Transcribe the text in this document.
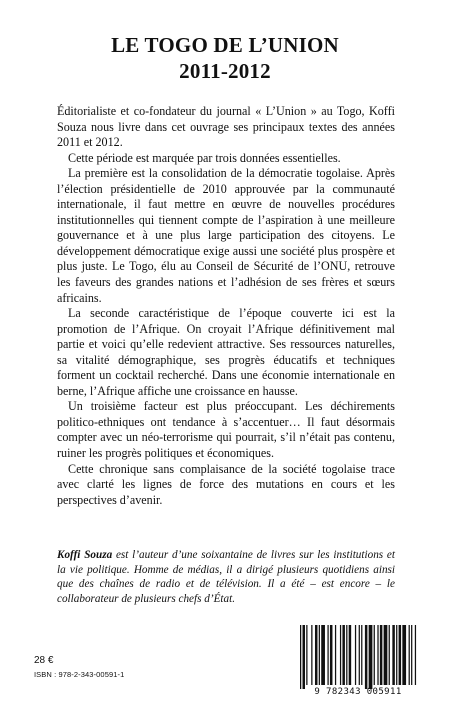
LE TOGO DE L’UNION
2011-2012

Éditorialiste et co-fondateur du journal « L’Union » au Togo, Koffi Souza nous livre dans cet ouvrage ses principaux textes des années 2011 et 2012.

Cette période est marquée par trois données essentielles.

La première est la consolidation de la démocratie togolaise. Après l’élection présidentielle de 2010 approuvée par la communauté internationale, il faut mettre en œuvre de nouvelles procédures institutionnelles qui tiennent compte de l’aspiration à une meilleure gouvernance et à une plus large participation des citoyens. Le développement démocratique exige aussi une société plus prospère et plus juste. Le Togo, élu au Conseil de Sécurité de l’ONU, retrouve les faveurs des grandes nations et l’adhésion de ses frères et sœurs africains.

La seconde caractéristique de l’époque couverte ici est la promotion de l’Afrique. On croyait l’Afrique définitivement mal partie et voici qu’elle redevient attractive. Ses ressources naturelles, sa vitalité démographique, ses progrès éducatifs et techniques forment un cocktail recherché. Dans une économie internationale en berne, l’Afrique affiche une croissance en hausse.

Un troisième facteur est plus préoccupant. Les déchirements politico-ethniques ont tendance à s’accentuer… Il faut désormais compter avec un néo-terrorisme qui pourrait, s’il n’était pas contenu, ruiner les progrès politiques et économiques.

Cette chronique sans complaisance de la société togolaise trace avec clarté les lignes de force des mutations en cours et les perspectives d’avenir.

Koffi Souza est l’auteur d’une soixantaine de livres sur les institutions et la vie politique. Homme de médias, il a dirigé plusieurs quotidiens ainsi que des chaînes de radio et de télévision. Il a été – est encore – le collaborateur de plusieurs chefs d’État.
28 €
ISBN : 978-2-343-00591-1
9 782343 005911
